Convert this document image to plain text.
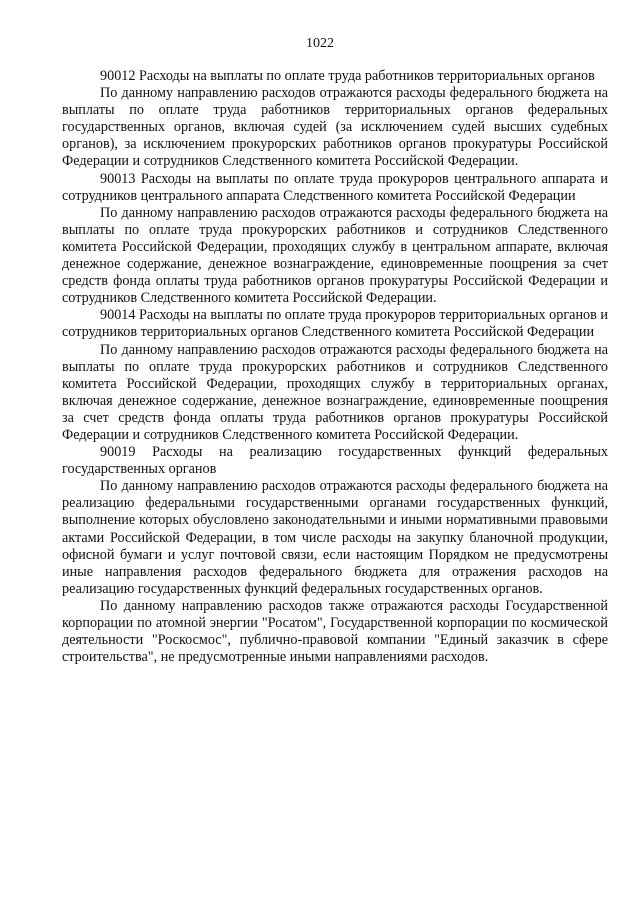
1022

90012 Расходы на выплаты по оплате труда работников территориальных органов

По данному направлению расходов отражаются расходы федерального бюджета на выплаты по оплате труда работников территориальных органов федеральных государственных органов, включая судей (за исключением судей высших судебных органов), за исключением прокурорских работников органов прокуратуры Российской Федерации и сотрудников Следственного комитета Российской Федерации.

90013 Расходы на выплаты по оплате труда прокуроров центрального аппарата и сотрудников центрального аппарата Следственного комитета Российской Федерации

По данному направлению расходов отражаются расходы федерального бюджета на выплаты по оплате труда прокурорских работников и сотрудников Следственного комитета Российской Федерации, проходящих службу в центральном аппарате, включая денежное содержание, денежное вознаграждение, единовременные поощрения за счет средств фонда оплаты труда работников органов прокуратуры Российской Федерации и сотрудников Следственного комитета Российской Федерации.

90014 Расходы на выплаты по оплате труда прокуроров территориальных органов и сотрудников территориальных органов Следственного комитета Российской Федерации

По данному направлению расходов отражаются расходы федерального бюджета на выплаты по оплате труда прокурорских работников и сотрудников Следственного комитета Российской Федерации, проходящих службу в территориальных органах, включая денежное содержание, денежное вознаграждение, единовременные поощрения за счет средств фонда оплаты труда работников органов прокуратуры Российской Федерации и сотрудников Следственного комитета Российской Федерации.

90019 Расходы на реализацию государственных функций федеральных государственных органов

По данному направлению расходов отражаются расходы федерального бюджета на реализацию федеральными государственными органами государственных функций, выполнение которых обусловлено законодательными и иными нормативными правовыми актами Российской Федерации, в том числе расходы на закупку бланочной продукции, офисной бумаги и услуг почтовой связи, если настоящим Порядком не предусмотрены иные направления расходов федерального бюджета для отражения расходов на реализацию государственных функций федеральных государственных органов.

По данному направлению расходов также отражаются расходы Государственной корпорации по атомной энергии "Росатом", Государственной корпорации по космической деятельности "Роскосмос", публично-правовой компании "Единый заказчик в сфере строительства", не предусмотренные иными направлениями расходов.
